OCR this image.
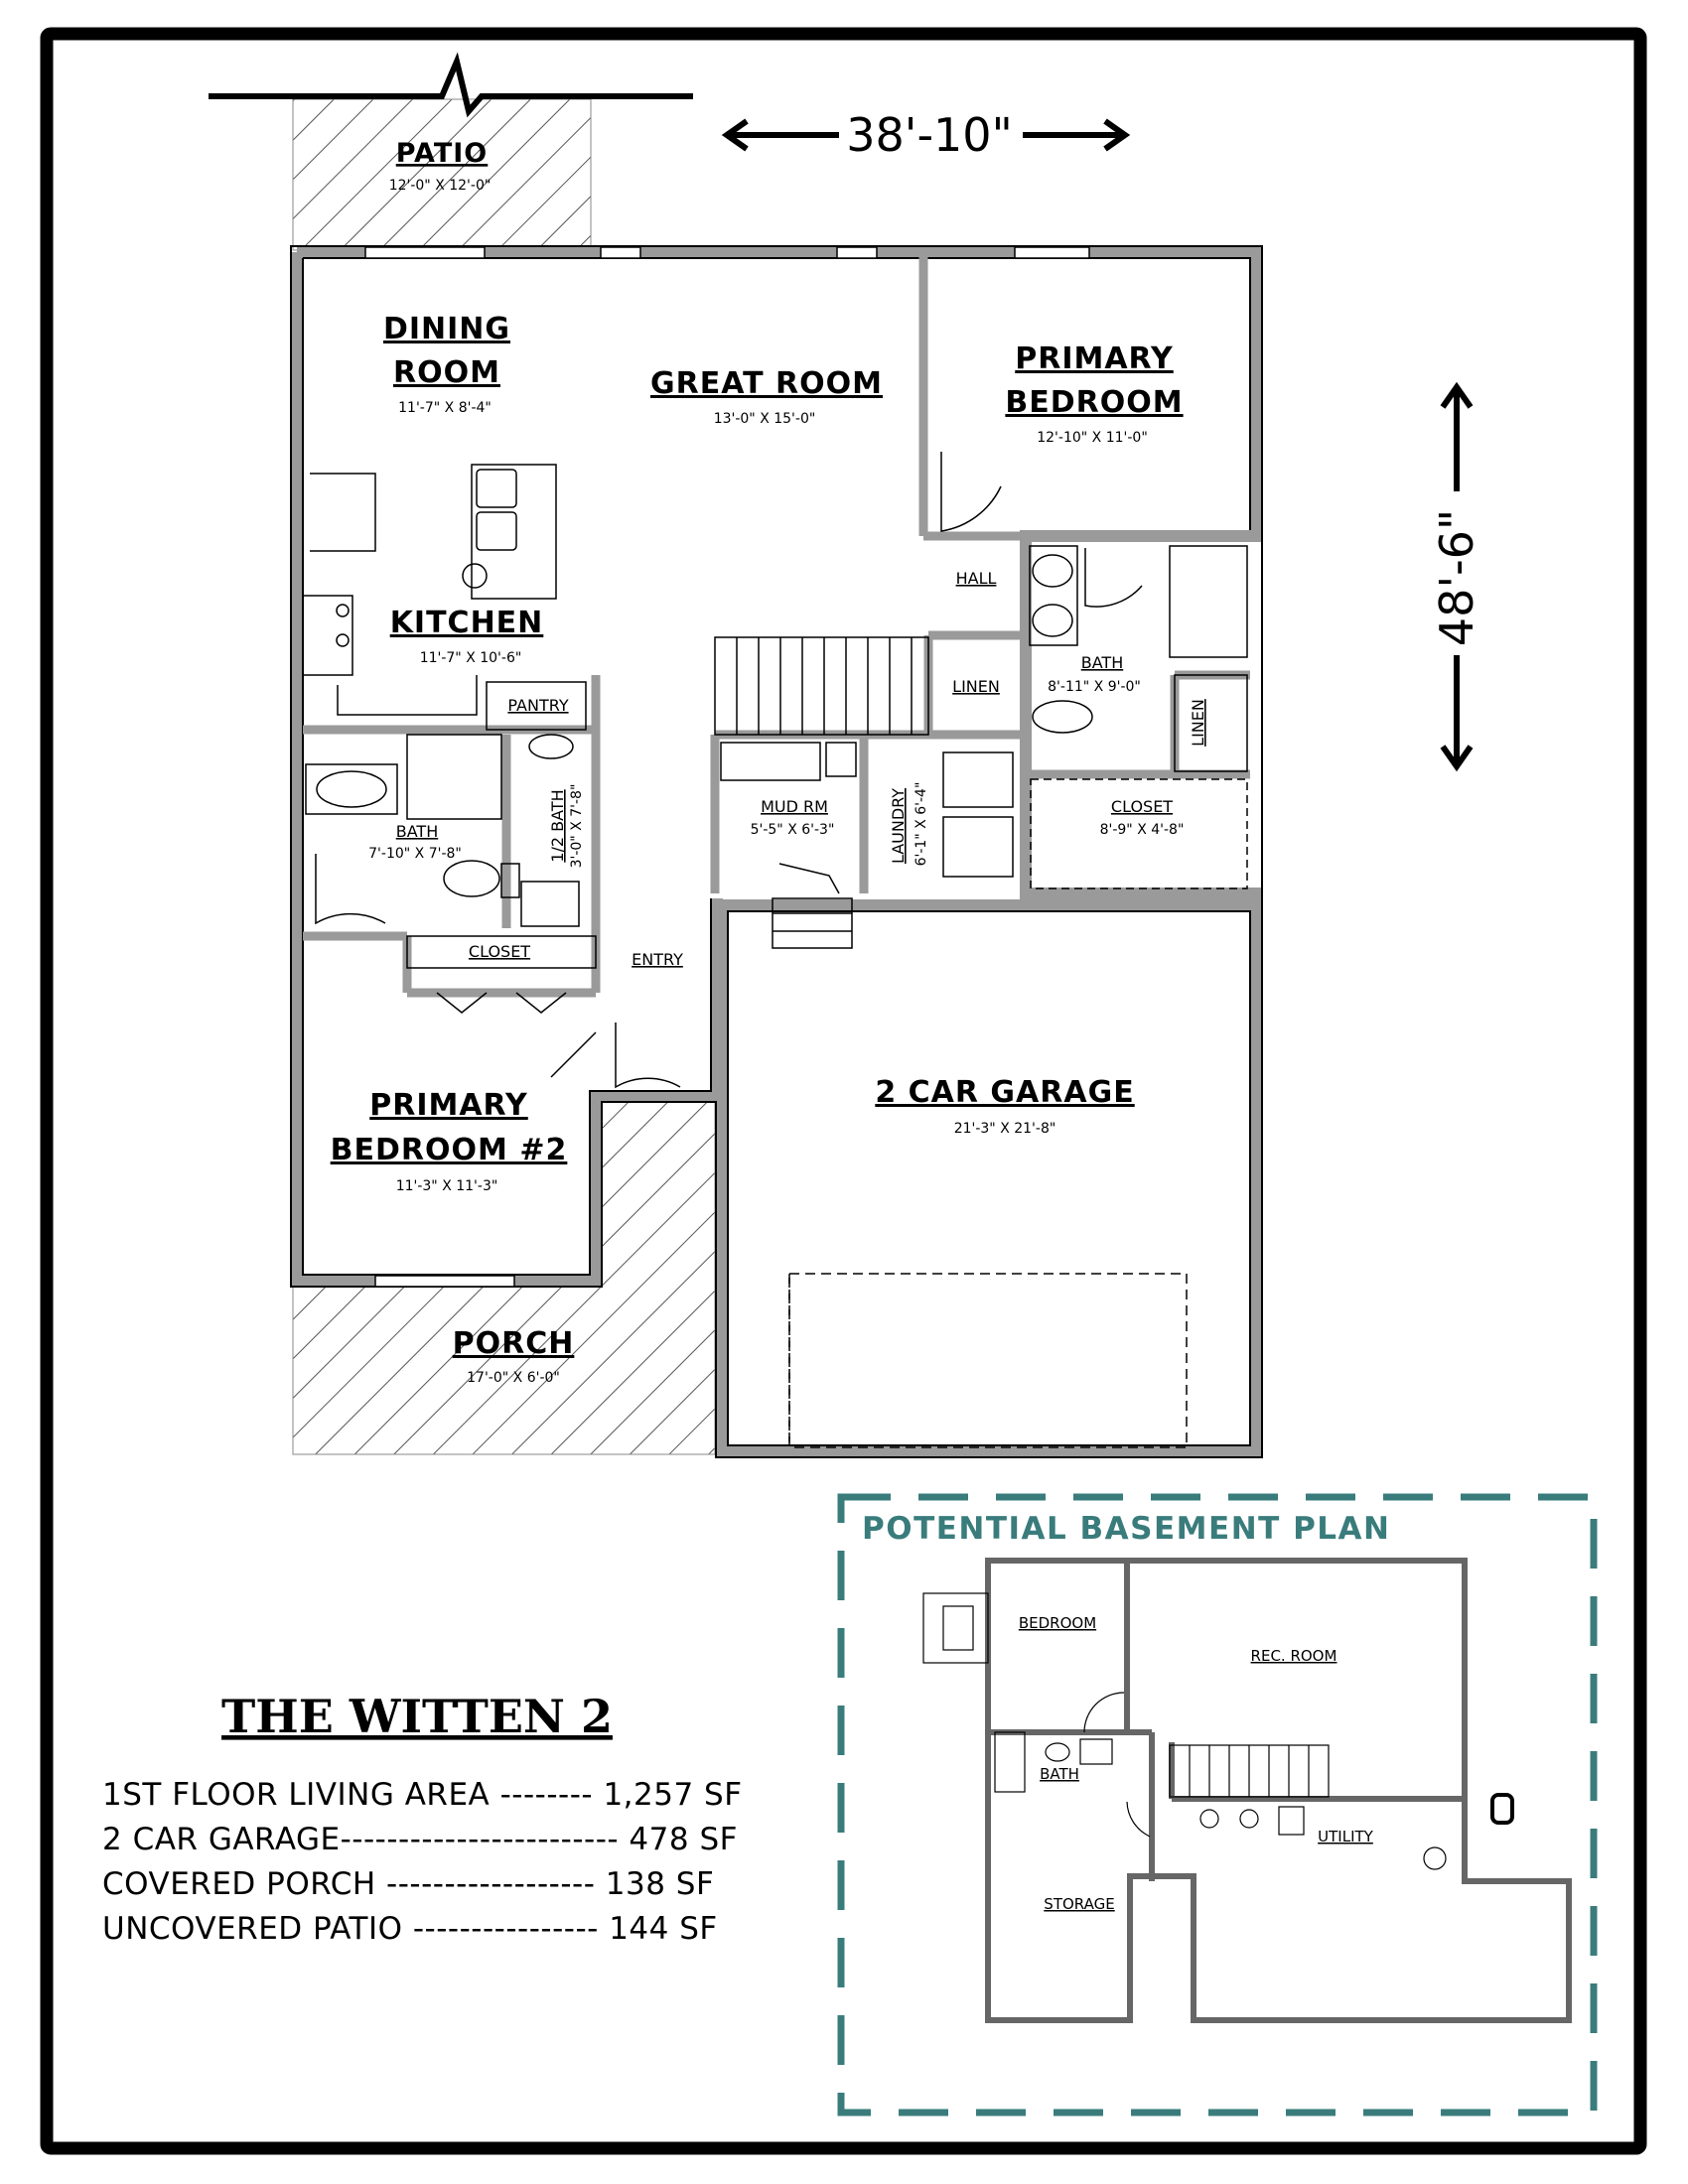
38'-10"
48'-6"
PATIO
12'-0" X 12'-0"
DINING
ROOM
11'-7" X 8'-4"
GREAT ROOM
13'-0" X 15'-0"
PRIMARY
BEDROOM
12'-10" X 11'-0"
KITCHEN
11'-7" X 10'-6"
PANTRY
HALL
LINEN
LINEN
BATH
8'-11" X 9'-0"
BATH
7'-10" X 7'-8"	1/2 BATH 3'-0" X 7'-8"	MUD RM
5'-5" X 6'-3"	LAUNDRY 6'-1" X 6'-4"	CLOSET
8'-9" X 4'-8"
CLOSET	ENTRY
PRIMARY
BEDROOM #2
11'-3" X 11'-3"
2 CAR GARAGE
21'-3" X 21'-8"
PORCH
17'-0" X 6'-0"
THE WITTEN 2
1ST FLOOR LIVING AREA -------- 1,257 SF
2 CAR GARAGE------------------------ 478 SF
COVERED PORCH ------------------ 138 SF
UNCOVERED PATIO ---------------- 144 SF
POTENTIAL BASEMENT PLAN
BEDROOM
REC. ROOM
BATH
UTILITY
STORAGE
